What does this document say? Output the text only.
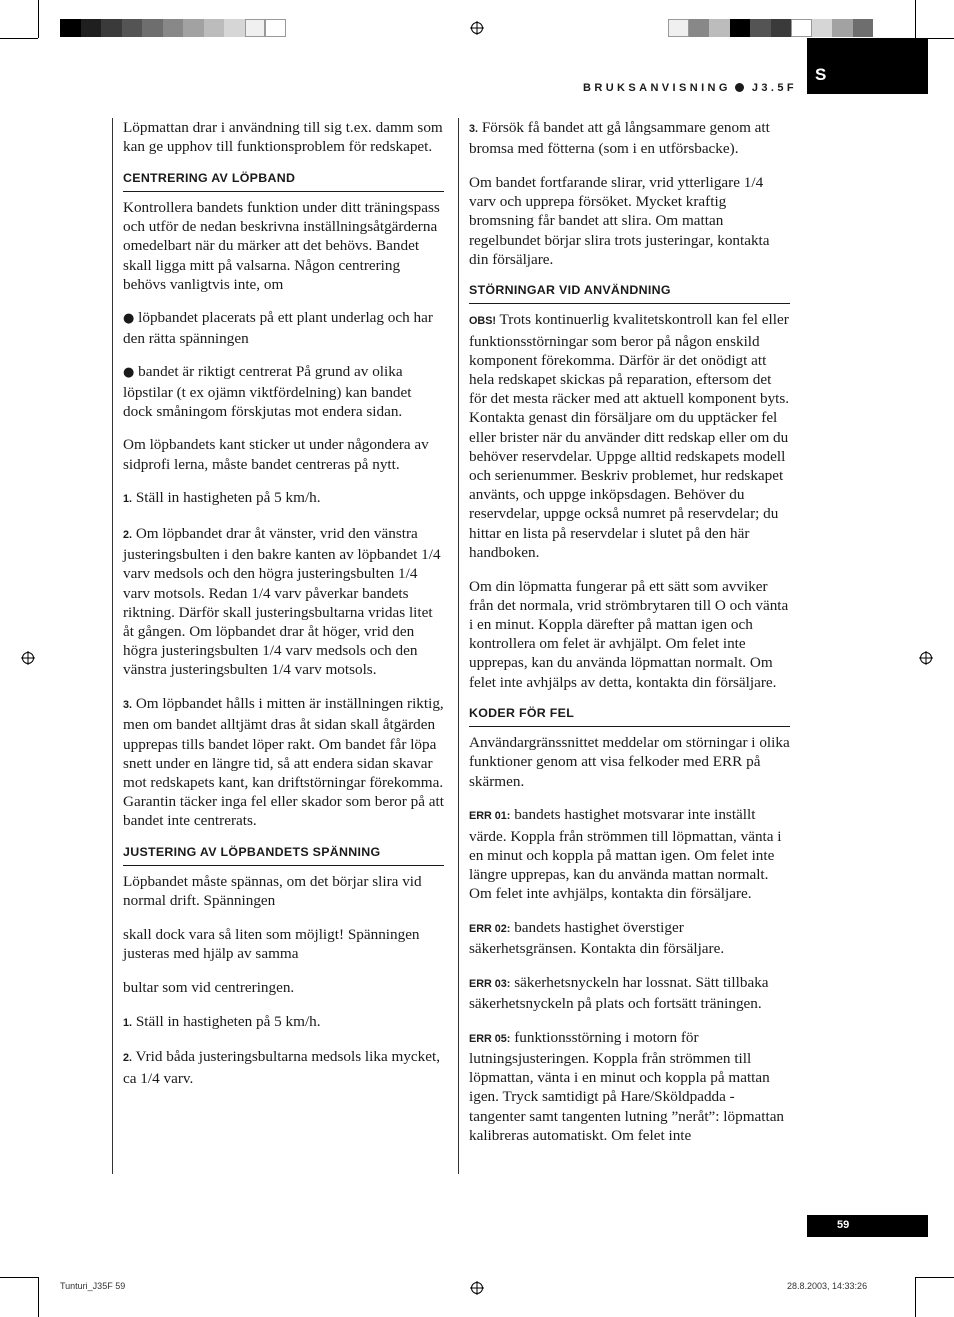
BRUKSANVISNING J3.5F
S

Löpmattan drar i användning till sig t.ex. damm som kan ge upphov till funktionsproblem för redskapet.

CENTRERING AV LÖPBAND

Kontrollera bandets funktion under ditt träningspass och utför de nedan beskrivna inställningsåtgärderna omedelbart när du märker att det behövs. Bandet skall ligga mitt på valsarna. Någon centrering behövs vanligtvis inte, om

● löpbandet placerats på ett plant underlag och har den rätta spänningen

● bandet är riktigt centrerat På grund av olika löpstilar (t ex ojämn viktfördelning) kan bandet dock småningom förskjutas mot endera sidan.

Om löpbandets kant sticker ut under någondera av sidprofi lerna, måste bandet centreras på nytt.

1. Ställ in hastigheten på 5 km/h.

2. Om löpbandet drar åt vänster, vrid den vänstra justeringsbulten i den bakre kanten av löpbandet 1/4 varv medsols och den högra justeringsbulten 1/4 varv motsols. Redan 1/4 varv påverkar bandets riktning. Därför skall justeringsbultarna vridas litet åt gången. Om löpbandet drar åt höger, vrid den högra justeringsbulten 1/4 varv medsols och den vänstra justeringsbulten 1/4 varv motsols.

3. Om löpbandet hålls i mitten är inställningen riktig, men om bandet alltjämt dras åt sidan skall åtgärden upprepas tills bandet löper rakt. Om bandet får löpa snett under en längre tid, så att endera sidan skavar mot redskapets kant, kan driftstörningar förekomma. Garantin täcker inga fel eller skador som beror på att bandet inte centrerats.

JUSTERING AV LÖPBANDETS SPÄNNING

Löpbandet måste spännas, om det börjar slira vid normal drift. Spänningen

skall dock vara så liten som möjligt! Spänningen justeras med hjälp av samma

bultar som vid centreringen.

1. Ställ in hastigheten på 5 km/h.

2. Vrid båda justeringsbultarna medsols lika mycket, ca 1/4 varv.

3. Försök få bandet att gå långsammare genom att bromsa med fötterna (som i en utförsbacke).

Om bandet fortfarande slirar, vrid ytterligare 1/4 varv och upprepa försöket. Mycket kraftig bromsning får bandet att slira. Om mattan regelbundet börjar slira trots justeringar, kontakta din försäljare.

STÖRNINGAR VID ANVÄNDNING

OBS! Trots kontinuerlig kvalitetskontroll kan fel eller funktionsstörningar som beror på någon enskild komponent förekomma. Därför är det onödigt att hela redskapet skickas på reparation, eftersom det för det mesta räcker med att aktuell komponent byts. Kontakta genast din försäljare om du upptäcker fel eller brister när du använder ditt redskap eller om du behöver reservdelar. Uppge alltid redskapets modell och serienummer. Beskriv problemet, hur redskapet använts, och uppge inköpsdagen. Behöver du reservdelar, uppge också numret på reservdelar; du hittar en lista på reservdelar i slutet på den här handboken.

Om din löpmatta fungerar på ett sätt som avviker från det normala, vrid strömbrytaren till O och vänta i en minut. Koppla därefter på mattan igen och kontrollera om felet är avhjälpt. Om felet inte upprepas, kan du använda löpmattan normalt. Om felet inte avhjälps av detta, kontakta din försäljare.

KODER FÖR FEL

Användargränssnittet meddelar om störningar i olika funktioner genom att visa felkoder med ERR på skärmen.

ERR 01: bandets hastighet motsvarar inte inställt värde. Koppla från strömmen till löpmattan, vänta i en minut och koppla på mattan igen. Om felet inte längre upprepas, kan du använda mattan normalt. Om felet inte avhjälps, kontakta din försäljare.

ERR 02: bandets hastighet överstiger säkerhetsgränsen. Kontakta din försäljare.

ERR 03: säkerhetsnyckeln har lossnat. Sätt tillbaka säkerhetsnyckeln på plats och fortsätt träningen.

ERR 05: funktionsstörning i motorn för lutningsjusteringen. Koppla från strömmen till löpmattan, vänta i en minut och koppla på mattan igen. Tryck samtidigt på Hare/Sköldpadda -tangenter samt tangenten lutning ”neråt”: löpmattan kalibreras automatiskt. Om felet inte

59
Tunturi_J35F 59	28.8.2003, 14:33:26
